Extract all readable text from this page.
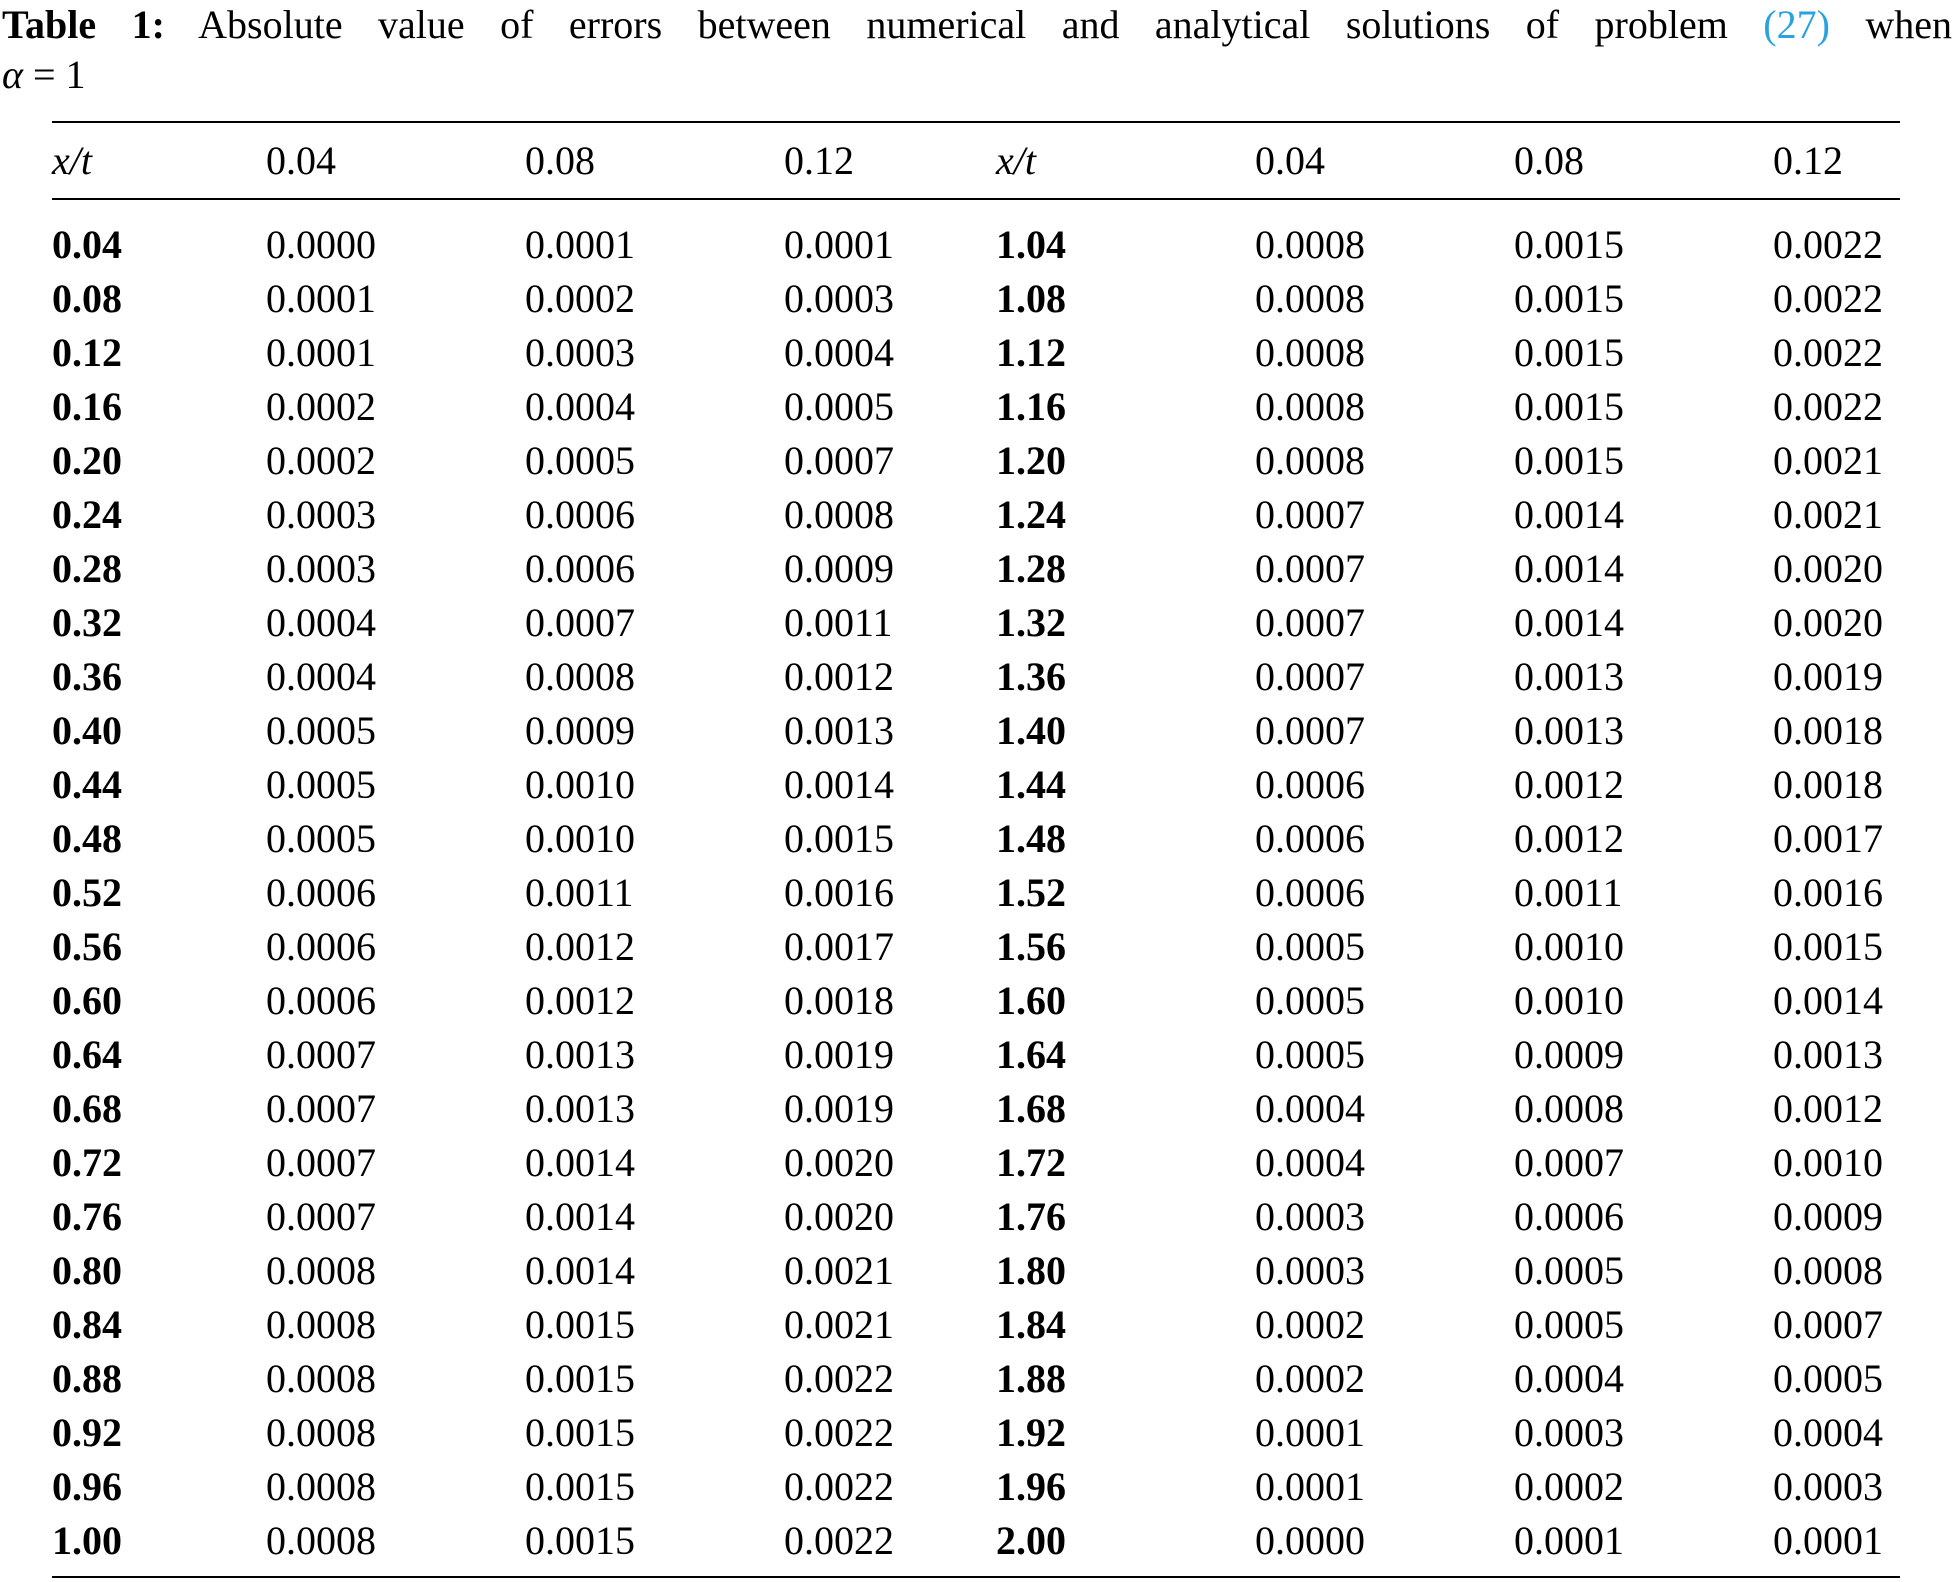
Table 1: Absolute value of errors between numerical and analytical solutions of problem (27) when
α = 1
x/t	0.04	0.08	0.12	x/t	0.04	0.08	0.12
0.04	0.0000	0.0001	0.0001	1.04	0.0008	0.0015	0.0022
0.08	0.0001	0.0002	0.0003	1.08	0.0008	0.0015	0.0022
0.12	0.0001	0.0003	0.0004	1.12	0.0008	0.0015	0.0022
0.16	0.0002	0.0004	0.0005	1.16	0.0008	0.0015	0.0022
0.20	0.0002	0.0005	0.0007	1.20	0.0008	0.0015	0.0021
0.24	0.0003	0.0006	0.0008	1.24	0.0007	0.0014	0.0021
0.28	0.0003	0.0006	0.0009	1.28	0.0007	0.0014	0.0020
0.32	0.0004	0.0007	0.0011	1.32	0.0007	0.0014	0.0020
0.36	0.0004	0.0008	0.0012	1.36	0.0007	0.0013	0.0019
0.40	0.0005	0.0009	0.0013	1.40	0.0007	0.0013	0.0018
0.44	0.0005	0.0010	0.0014	1.44	0.0006	0.0012	0.0018
0.48	0.0005	0.0010	0.0015	1.48	0.0006	0.0012	0.0017
0.52	0.0006	0.0011	0.0016	1.52	0.0006	0.0011	0.0016
0.56	0.0006	0.0012	0.0017	1.56	0.0005	0.0010	0.0015
0.60	0.0006	0.0012	0.0018	1.60	0.0005	0.0010	0.0014
0.64	0.0007	0.0013	0.0019	1.64	0.0005	0.0009	0.0013
0.68	0.0007	0.0013	0.0019	1.68	0.0004	0.0008	0.0012
0.72	0.0007	0.0014	0.0020	1.72	0.0004	0.0007	0.0010
0.76	0.0007	0.0014	0.0020	1.76	0.0003	0.0006	0.0009
0.80	0.0008	0.0014	0.0021	1.80	0.0003	0.0005	0.0008
0.84	0.0008	0.0015	0.0021	1.84	0.0002	0.0005	0.0007
0.88	0.0008	0.0015	0.0022	1.88	0.0002	0.0004	0.0005
0.92	0.0008	0.0015	0.0022	1.92	0.0001	0.0003	0.0004
0.96	0.0008	0.0015	0.0022	1.96	0.0001	0.0002	0.0003
1.00	0.0008	0.0015	0.0022	2.00	0.0000	0.0001	0.0001
